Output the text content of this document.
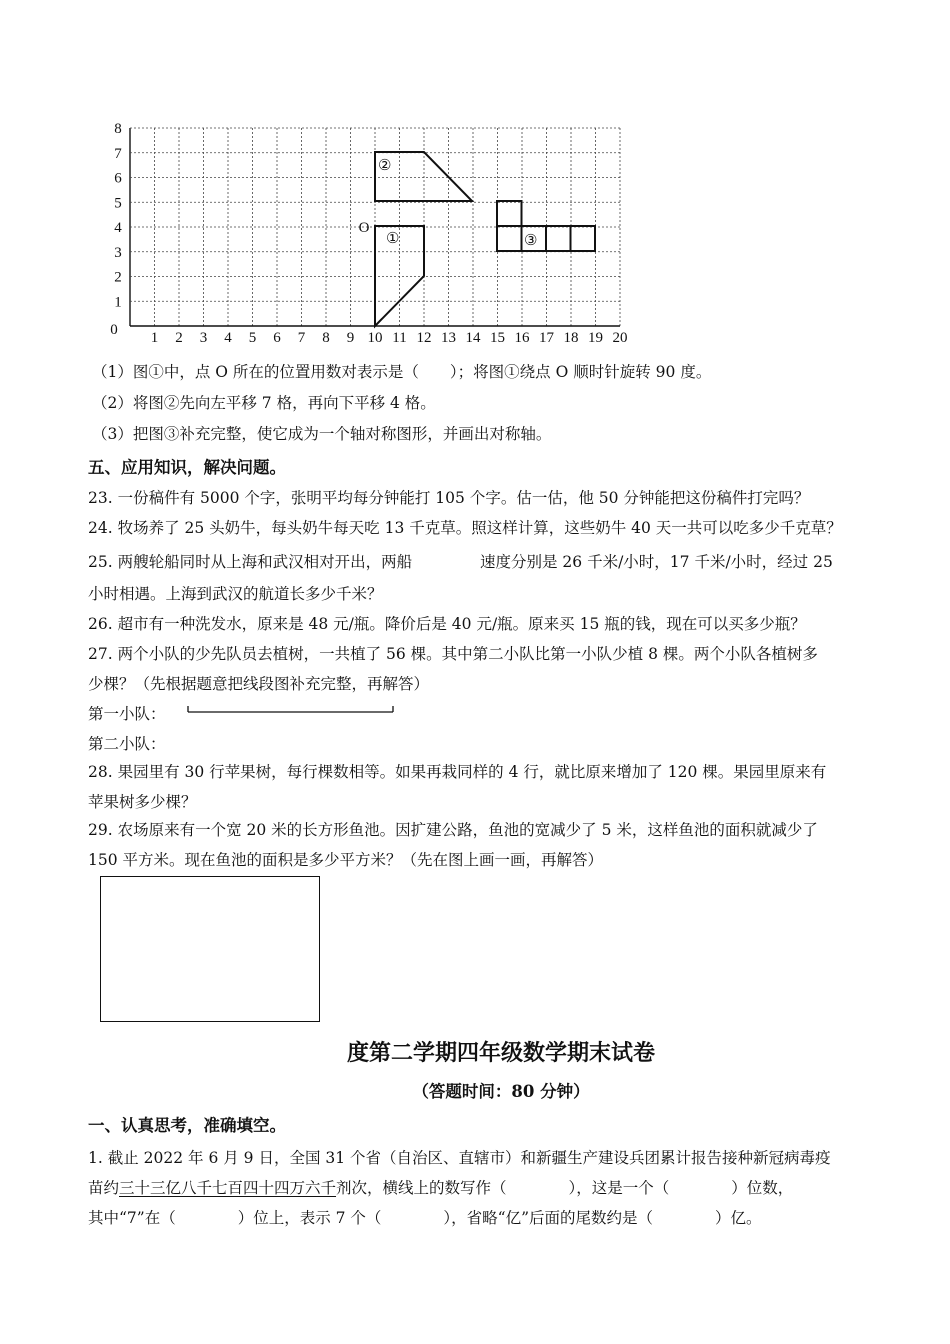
1 2 3 4 5 6 7 8 9 10 11 12 13 14 15 16 17 18 19 20
1
2
3
4
5
6
7
8
0
①
O
②
③
（1）图①中，点 O 所在的位置用数对表示是（　　）；将图①绕点 O 顺时针旋转 90 度。
（2）将图②先向左平移 7 格，再向下平移 4 格。
（3）把图③补充完整，使它成为一个轴对称图形，并画出对称轴。
五、应用知识，解决问题。
23. 一份稿件有 5000 个字，张明平均每分钟能打 105 个字。估一估，他 50 分钟能把这份稿件打完吗？
24. 牧场养了 25 头奶牛，每头奶牛每天吃 13 千克草。照这样计算，这些奶牛 40 天一共可以吃多少千克草？
25. 两艘轮船同时从上海和武汉相对开出，两船	速度分别是 26 千米/小时，17 千米/小时，经过 25
小时相遇。上海到武汉的航道长多少千米？
26. 超市有一种洗发水，原来是 48 元/瓶。降价后是 40 元/瓶。原来买 15 瓶的钱，现在可以买多少瓶？
27. 两个小队的少先队员去植树，一共植了 56 棵。其中第二小队比第一小队少植 8 棵。两个小队各植树多
少棵？（先根据题意把线段图补充完整，再解答）
第一小队：
第二小队：
28. 果园里有 30 行苹果树，每行棵数相等。如果再栽同样的 4 行，就比原来增加了 120 棵。果园里原来有
苹果树多少棵？
29. 农场原来有一个宽 20 米的长方形鱼池。因扩建公路，鱼池的宽减少了 5 米，这样鱼池的面积就减少了
150 平方米。现在鱼池的面积是多少平方米？（先在图上画一画，再解答）
度第二学期四年级数学期末试卷
（答题时间：80 分钟）
一、认真思考，准确填空。
1. 截止 2022 年 6 月 9 日，全国 31 个省（自治区、直辖市）和新疆生产建设兵团累计报告接种新冠病毒疫
苗约三十三亿八千七百四十四万六千剂次，横线上的数写作（　　　　），这是一个（　　　　）位数，
其中“7”在（　　　　）位上，表示 7 个（　　　　），省略“亿”后面的尾数约是（　　　　）亿。
